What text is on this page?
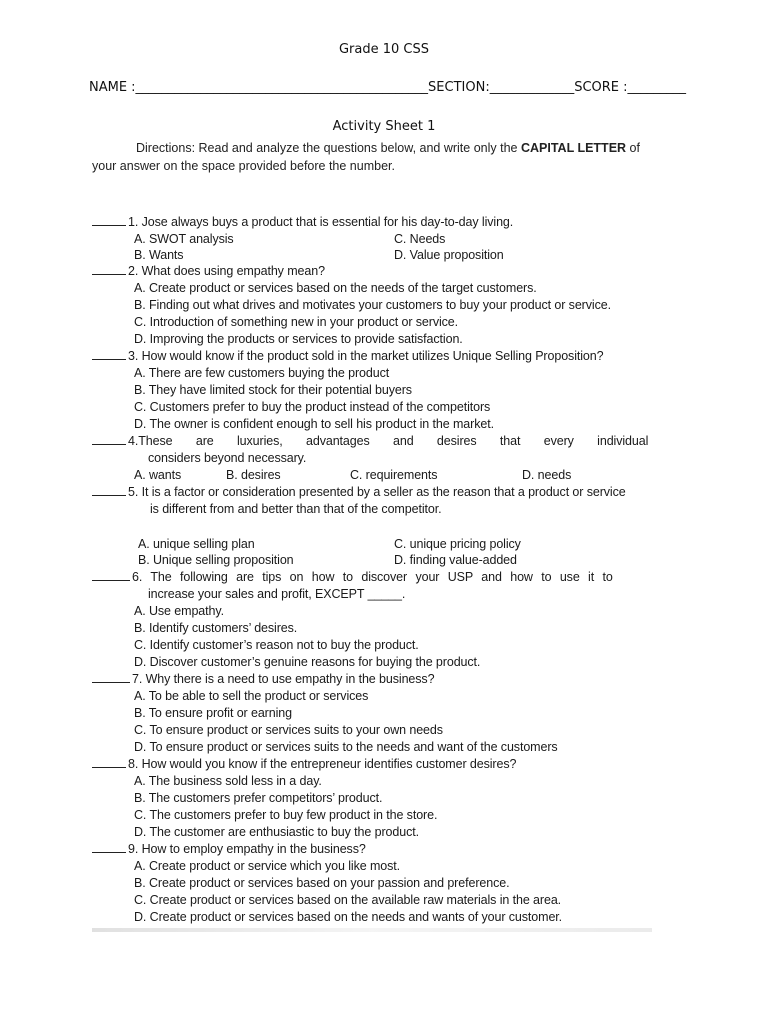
Grade 10 CSS
NAME :_____________________________________________SECTION:_____________SCORE :_________
Activity Sheet 1
Directions: Read and analyze the questions below, and write only the CAPITAL LETTER of
your answer on the space provided before the number.
1. Jose always buys a product that is essential for his day-to-day living.
A. SWOT analysis	C. Needs
B. Wants	D. Value proposition
2. What does using empathy mean?
A. Create product or services based on the needs of the target customers.
B. Finding out what drives and motivates your customers to buy your product or service.
C. Introduction of something new in your product or service.
D. Improving the products or services to provide satisfaction.
3. How would know if the product sold in the market utilizes Unique Selling Proposition?
A. There are few customers buying the product
B. They have limited stock for their potential buyers
C. Customers prefer to buy the product instead of the competitors
D. The owner is confident enough to sell his product in the market.
4.These are luxuries, advantages and desires that every individual
considers beyond necessary.
A. wants	B. desires	C. requirements	D. needs
5. It is a factor or consideration presented by a seller as the reason that a product or service
is different from and better than that of the competitor.
A. unique selling plan	C. unique pricing policy
B. Unique selling proposition	D. finding value-added
6. The following are tips on how to discover your USP and how to use it to
increase your sales and profit, EXCEPT _____.
A. Use empathy.
B. Identify customers’ desires.
C. Identify customer’s reason not to buy the product.
D. Discover customer’s genuine reasons for buying the product.
7. Why there is a need to use empathy in the business?
A. To be able to sell the product or services
B. To ensure profit or earning
C. To ensure product or services suits to your own needs
D. To ensure product or services suits to the needs and want of the customers
8. How would you know if the entrepreneur identifies customer desires?
A. The business sold less in a day.
B. The customers prefer competitors’ product.
C. The customers prefer to buy few product in the store.
D. The customer are enthusiastic to buy the product.
9. How to employ empathy in the business?
A. Create product or service which you like most.
B. Create product or services based on your passion and preference.
C. Create product or services based on the available raw materials in the area.
D. Create product or services based on the needs and wants of your customer.
